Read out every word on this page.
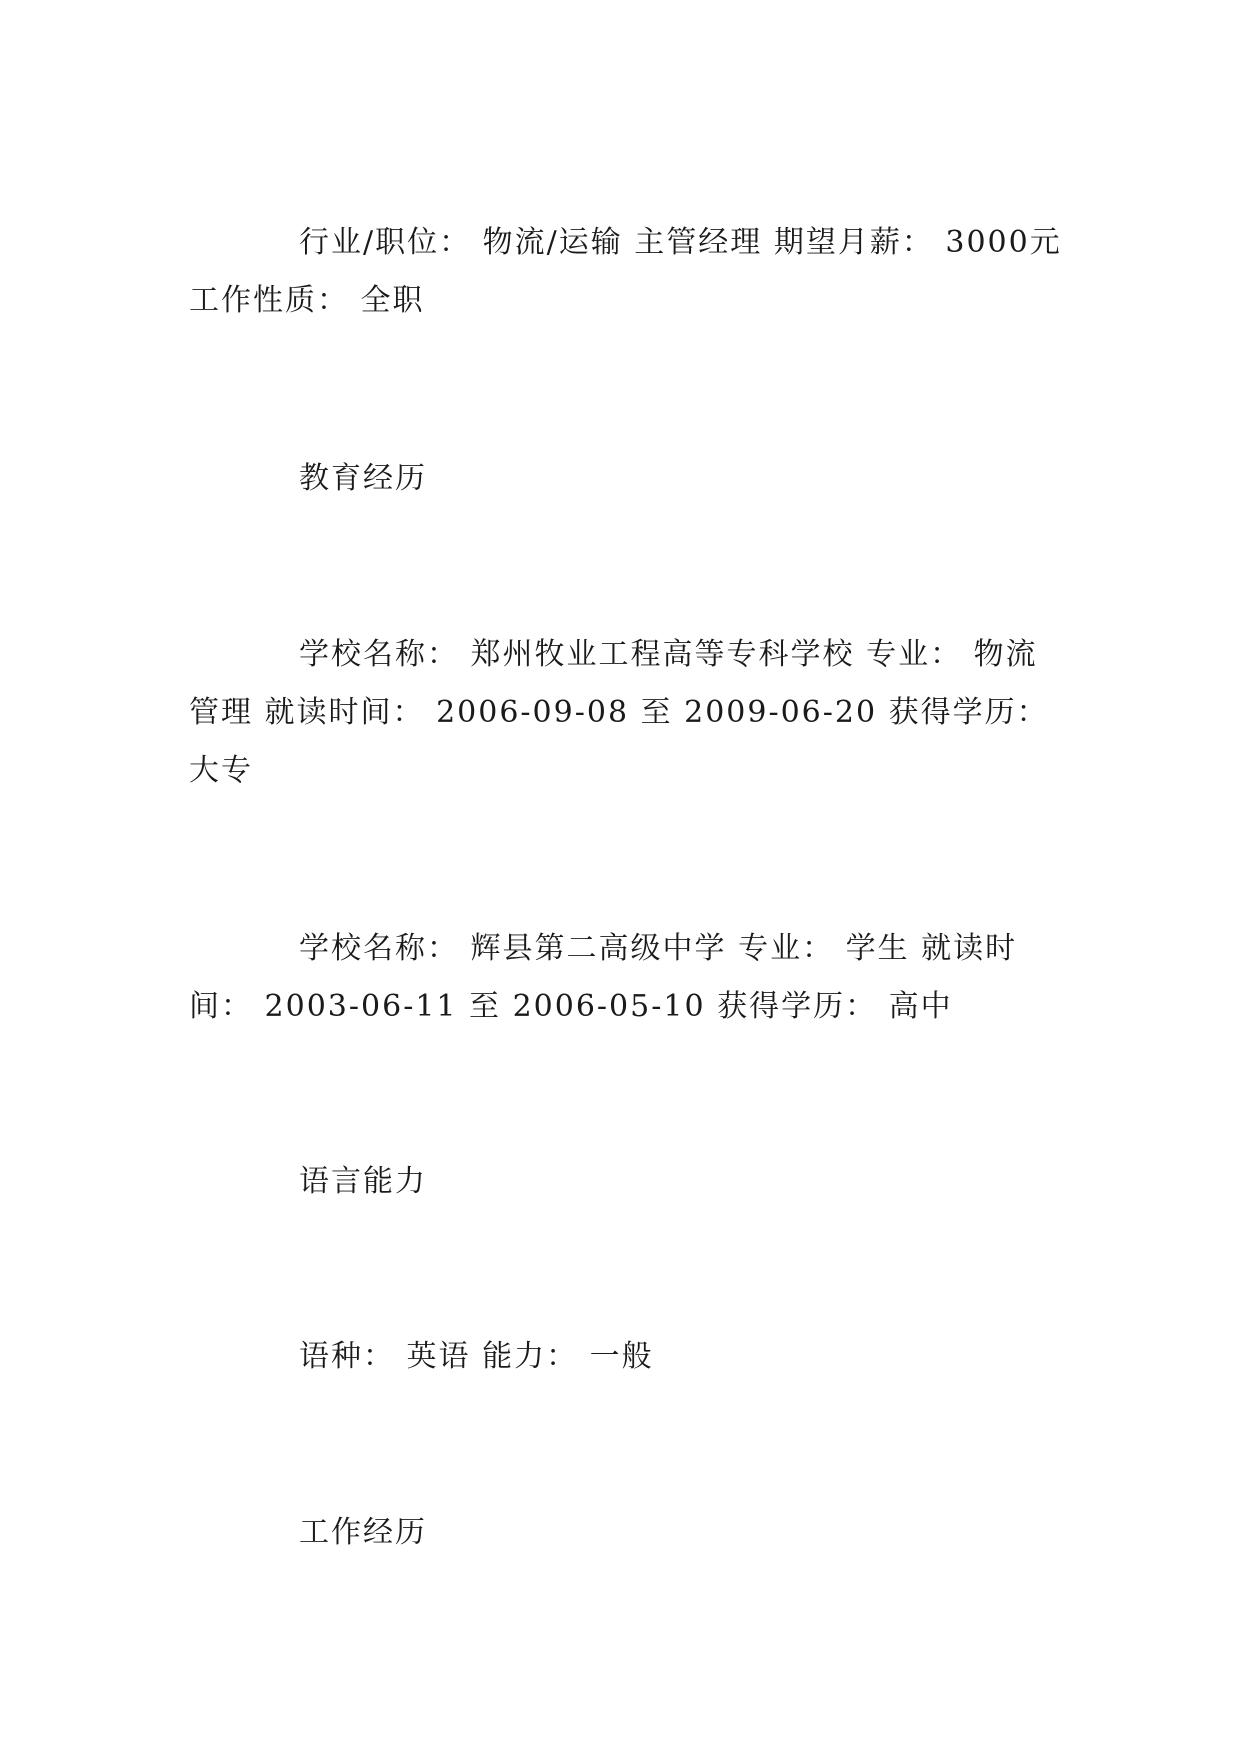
行业/职位： 物流/运输 主管经理 期望月薪： 3000元 工作性质： 全职

教育经历

学校名称： 郑州牧业工程高等专科学校 专业： 物流管理 就读时间： 2006-09-08 至 2009-06-20 获得学历： 大专

学校名称： 辉县第二高级中学 专业： 学生 就读时间： 2003-06-11 至 2006-05-10 获得学历： 高中

语言能力

语种： 英语 能力： 一般

工作经历
